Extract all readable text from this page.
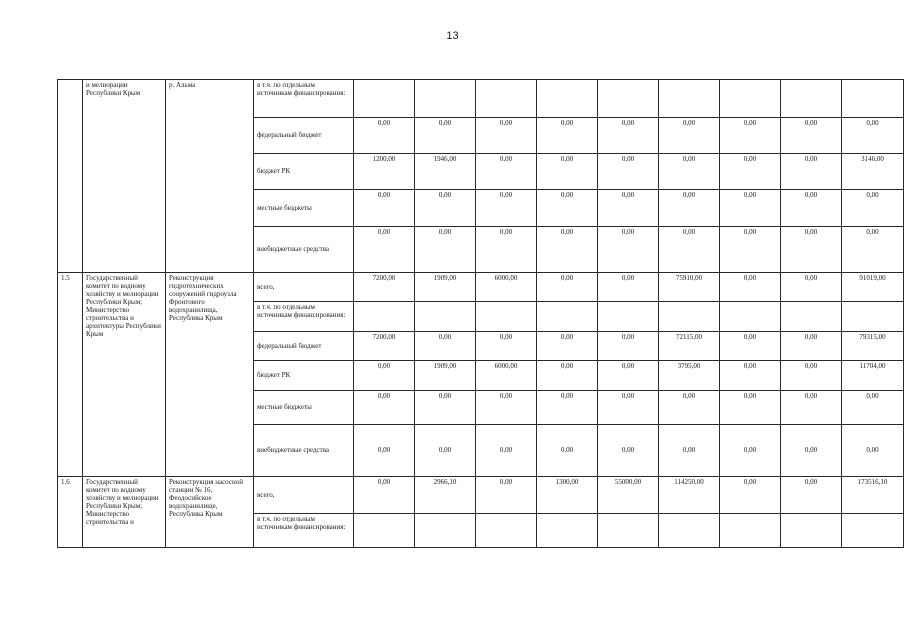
13
	и мелиорации Республики Крым	р. Альма	в т.ч. по отдельным источникам финансирования:									
			федеральный бюджет	0,00	0,00	0,00	0,00	0,00	0,00	0,00	0,00	0,00
			бюджет РК	1200,00	1946,00	0,00	0,00	0,00	0,00	0,00	0,00	3146,00
			местные бюджеты	0,00	0,00	0,00	0,00	0,00	0,00	0,00	0,00	0,00
			внебюджетные средства	0,00	0,00	0,00	0,00	0,00	0,00	0,00	0,00	0,00
1.5	Государственный комитет по водному хозяйству и мелиорации Республики Крым; Министерство строительства и архитектуры Республики Крым	Реконструкция гидротехнических сооружений гидроузла Фронтового водохранилища, Республика Крым	всего,	7200,00	1909,00	6000,00	0,00	0,00	75910,00	0,00	0,00	91019,00
			в т.ч. по отдельным источникам финансирования:									
			федеральный бюджет	7200,00	0,00	0,00	0,00	0,00	72115,00	0,00	0,00	79315,00
			бюджет РК	0,00	1909,00	6000,00	0,00	0,00	3795,00	0,00	0,00	11704,00
			местные бюджеты	0,00	0,00	0,00	0,00	0,00	0,00	0,00	0,00	0,00
			внебюджетные средства	0,00	0,00	0,00	0,00	0,00	0,00	0,00	0,00	0,00
1.6	Государственный комитет по водному хозяйству и мелиорации Республики Крым; Министерство строительства и	Реконструкция насосной станции № 16, Феодосийское водохранилище, Республика Крым	всего,	0,00	2966,10	0,00	1300,00	55000,00	114250,00	0,00	0,00	173516,10
			в т.ч. по отдельным источникам финансирования:									
